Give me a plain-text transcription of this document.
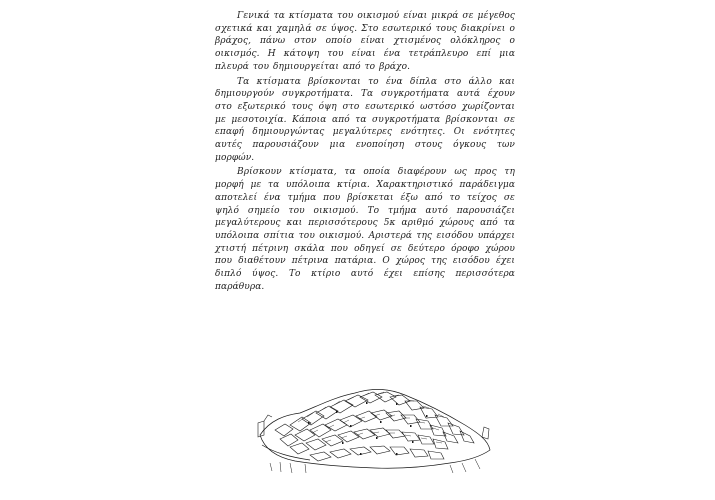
Γενικά τα κτίσματα του οικισμού είναι μικρά σε μέγεθος σχετικά και χαμηλά σε ύψος. Στο εσωτερικό τους διακρίνει ο βράχος, πάνω στον οποίο είναι χτισμένος ολόκληρος ο οικισμός. Η κάτοψη του είναι ένα τετράπλευρο επί μια πλευρά του δημιουργείται από το βράχο.

Τα κτίσματα βρίσκονται το ένα δίπλα στο άλλο και δημιουργούν συγκροτήματα. Τα συγκροτήματα αυτά έχουν στο εξωτερικό τους όψη στο εσωτερικό ωστόσο χωρίζονται με μεσοτοιχία. Κάποια από τα συγκροτήματα βρίσκονται σε επαφή δημιουργώντας μεγαλύτερες ενότητες. Οι ενότητες αυτές παρουσιάζουν μια ενοποίηση στους όγκους των μορφών.

Βρίσκουν κτίσματα, τα οποία διαφέρουν ως προς τη μορφή με τα υπόλοιπα κτίρια. Χαρακτηριστικό παράδειγμα αποτελεί ένα τμήμα που βρίσκεται έξω από το τείχος σε ψηλό σημείο του οικισμού. Το τμήμα αυτό παρουσιάζει μεγαλύτερους και περισσότερους 5κ αριθμό χώρους από τα υπόλοιπα σπίτια του οικισμού. Αριστερά της εισόδου υπάρχει χτιστή πέτρινη σκάλα που οδηγεί σε δεύτερο όροφο χώρου που διαθέτουν πέτρινα πατάρια. Ο χώρος της εισόδου έχει διπλό ύψος. Το κτίριο αυτό έχει επίσης περισσότερα παράθυρα.
